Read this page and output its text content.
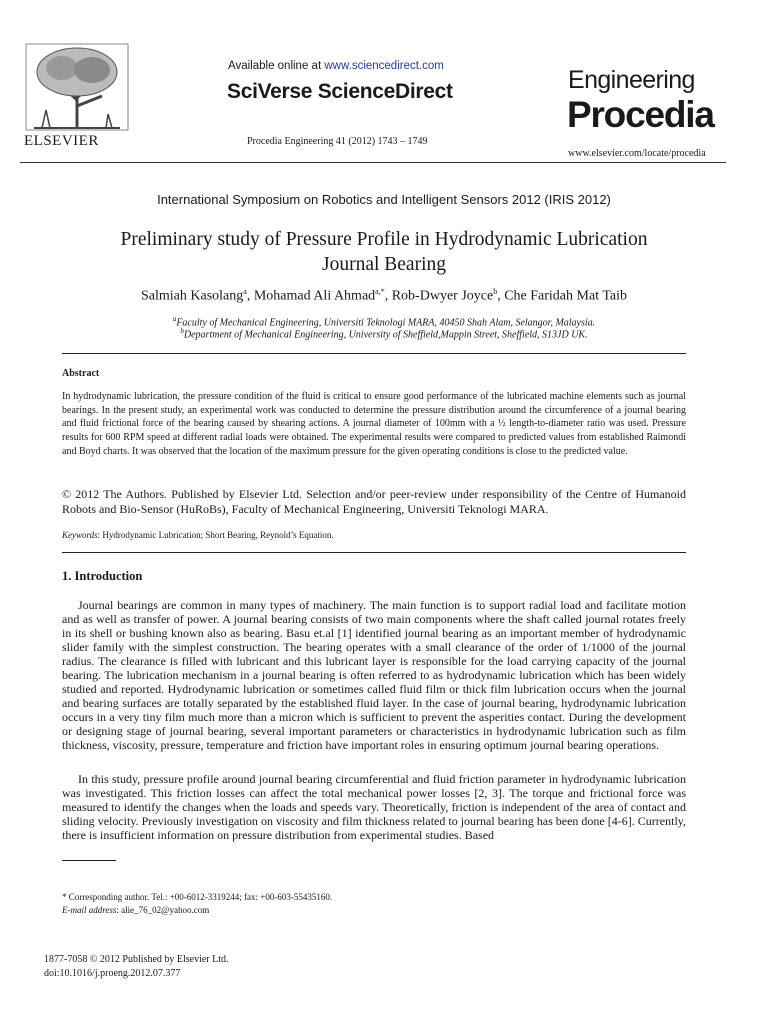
ELSEVIER
Available online at www.sciencedirect.com
SciVerse ScienceDirect
Procedia Engineering 41 (2012) 1743 – 1749
Engineering
Procedia
www.elsevier.com/locate/procedia
International Symposium on Robotics and Intelligent Sensors 2012 (IRIS 2012)
Preliminary study of Pressure Profile in Hydrodynamic Lubrication
Journal Bearing
Salmiah Kasolang$^a$, Mohamad Ali Ahmad$^{a,*}$, Rob-Dwyer Joyce$^b$, Che Faridah Mat Taib
$^a$Faculty of Mechanical Engineering, Universiti Teknologi MARA, 40450 Shah Alam, Selangor, Malaysia.
$^b$Department of Mechanical Engineering, University of Sheffield,Mappin Street, Sheffield, S13JD UK.
Abstract
In hydrodynamic lubrication, the pressure condition of the fluid is critical to ensure good performance of the lubricated machine elements such as journal bearings. In the present study, an experimental work was conducted to determine the pressure distribution around the circumference of a journal bearing and fluid frictional force of the bearing caused by shearing actions. A journal diameter of 100mm with a ½ length-to-diameter ratio was used. Pressure results for 600 RPM speed at different radial loads were obtained. The experimental results were compared to predicted values from established Raimondi and Boyd charts. It was observed that the location of the maximum pressure for the given operating conditions is close to the predicted value.
© 2012 The Authors. Published by Elsevier Ltd. Selection and/or peer-review under responsibility of the Centre of Humanoid Robots and Bio-Sensor (HuRoBs), Faculty of Mechanical Engineering, Universiti Teknologi MARA.
Keywords: Hydrodynamic Lubrication; Short Bearing, Reynold’s Equation.
1. Introduction
Journal bearings are common in many types of machinery. The main function is to support radial load and facilitate motion and as well as transfer of power. A journal bearing consists of two main components where the shaft called journal rotates freely in its shell or bushing known also as bearing. Basu et.al [1] identified journal bearing as an important member of hydrodynamic slider family with the simplest construction. The bearing operates with a small clearance of the order of 1/1000 of the journal radius. The clearance is filled with lubricant and this lubricant layer is responsible for the load carrying capacity of the journal bearing. The lubrication mechanism in a journal bearing is often referred to as hydrodynamic lubrication which has been widely studied and reported. Hydrodynamic lubrication or sometimes called fluid film or thick film lubrication occurs when the journal and bearing surfaces are totally separated by the established fluid layer. In the case of journal bearing, hydrodynamic lubrication occurs in a very tiny film much more than a micron which is sufficient to prevent the asperities contact. During the development or designing stage of journal bearing, several important parameters or characteristics in hydrodynamic lubrication such as film thickness, viscosity, pressure, temperature and friction have important roles in ensuring optimum journal bearing operations.
In this study, pressure profile around journal bearing circumferential and fluid friction parameter in hydrodynamic lubrication was investigated. This friction losses can affect the total mechanical power losses [2, 3]. The torque and frictional force was measured to identify the changes when the loads and speeds vary. Theoretically, friction is independent of the area of contact and sliding velocity. Previously investigation on viscosity and film thickness related to journal bearing has been done [4-6]. Currently, there is insufficient information on pressure distribution from experimental studies. Based
* Corresponding author. Tel.: +00-6012-3319244; fax: +00-603-55435160.
E-mail address: alie_76_02@yahoo.com
1877-7058 © 2012 Published by Elsevier Ltd.
doi:10.1016/j.proeng.2012.07.377
